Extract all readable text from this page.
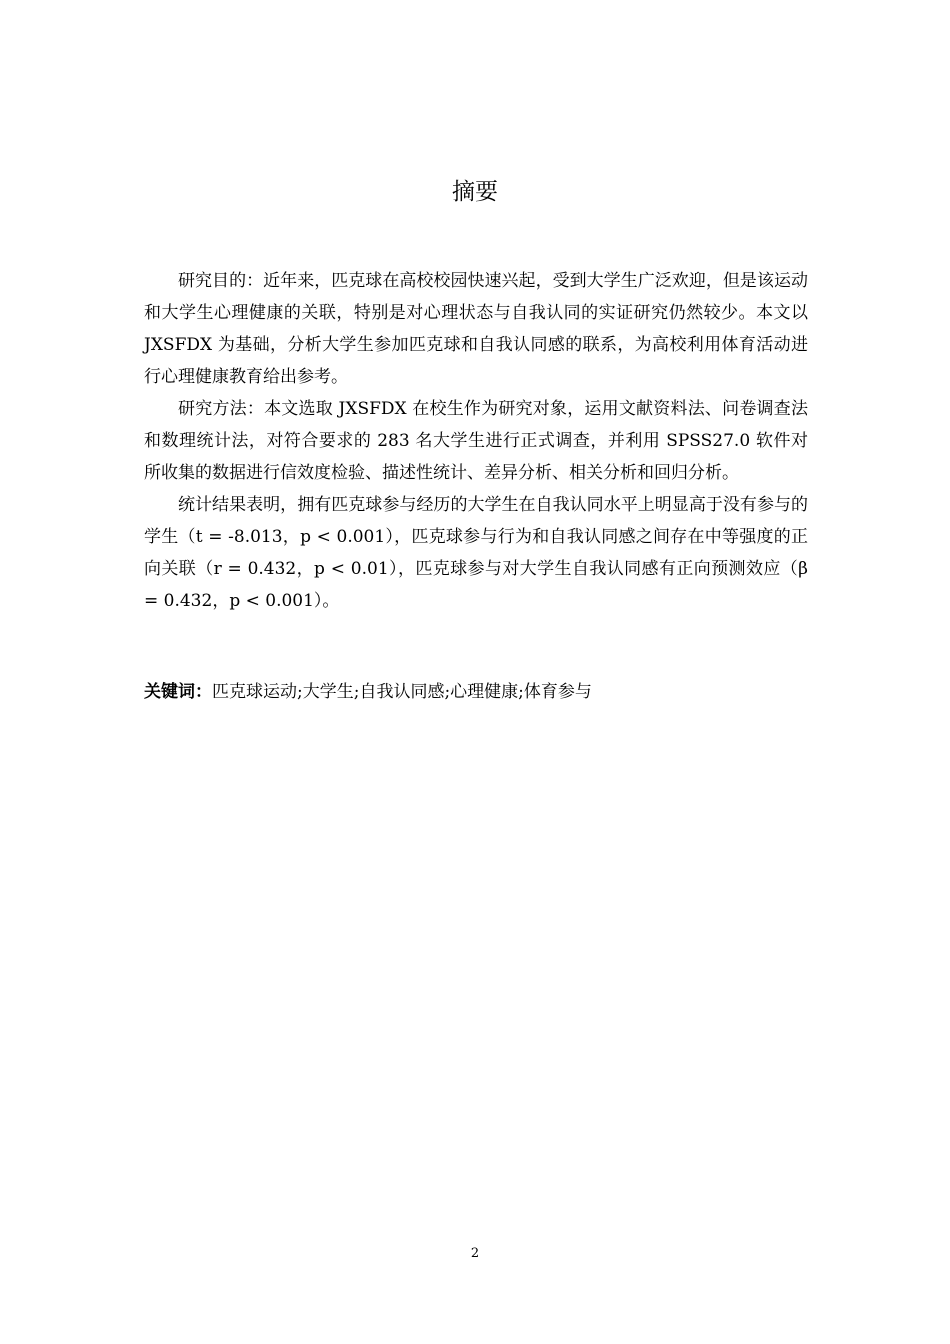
摘要

研究目的：近年来，匹克球在高校校园快速兴起，受到大学生广泛欢迎，但是该运动和大学生心理健康的关联，特别是对心理状态与自我认同的实证研究仍然较少。本文以 JXSFDX 为基础，分析大学生参加匹克球和自我认同感的联系，为高校利用体育活动进行心理健康教育给出参考。

研究方法：本文选取 JXSFDX 在校生作为研究对象，运用文献资料法、问卷调查法和数理统计法，对符合要求的 283 名大学生进行正式调查，并利用 SPSS27.0 软件对所收集的数据进行信效度检验、描述性统计、差异分析、相关分析和回归分析。

统计结果表明，拥有匹克球参与经历的大学生在自我认同水平上明显高于没有参与的学生（t = -8.013，p < 0.001），匹克球参与行为和自我认同感之间存在中等强度的正向关联（r = 0.432，p < 0.01），匹克球参与对大学生自我认同感有正向预测效应（β = 0.432，p < 0.001）。

关键词：匹克球运动;大学生;自我认同感;心理健康;体育参与

2
